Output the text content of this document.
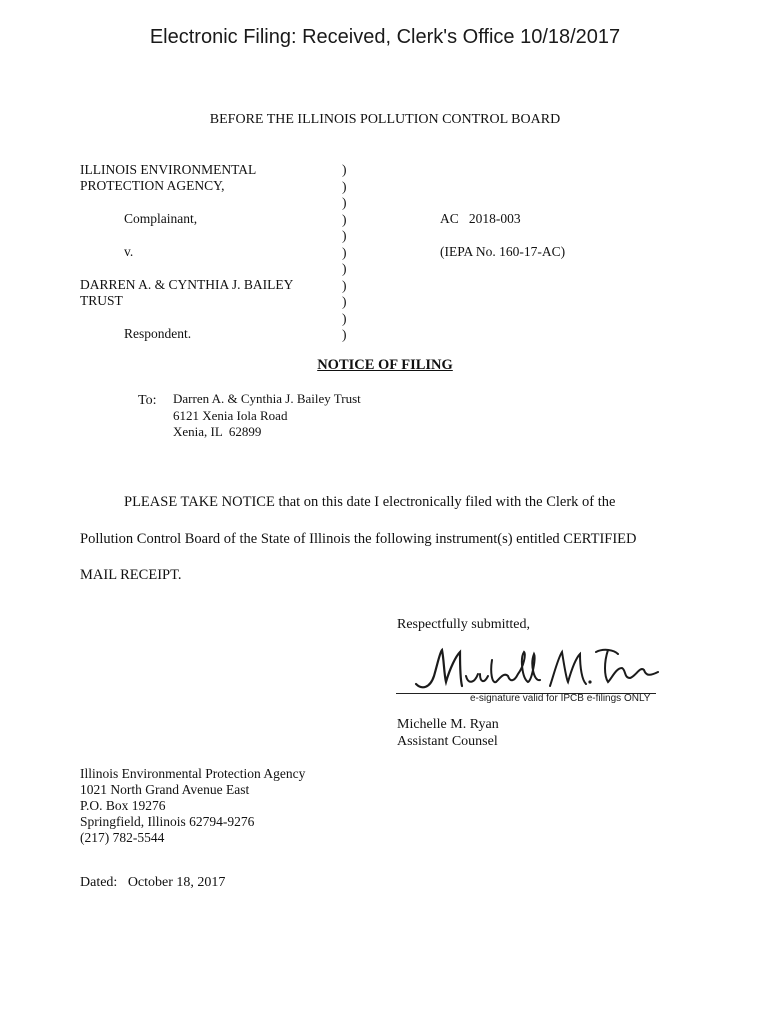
Electronic Filing: Received, Clerk's Office 10/18/2017
BEFORE THE ILLINOIS POLLUTION CONTROL BOARD
ILLINOIS ENVIRONMENTAL
PROTECTION AGENCY,
Complainant,
v.
DARREN A. & CYNTHIA J. BAILEY
TRUST
Respondent.
)
)
)
)
)
)
)
)
)
)
)
AC   2018-003
(IEPA No. 160-17-AC)
NOTICE OF FILING
To: Darren A. & Cynthia J. Bailey Trust
6121 Xenia Iola Road
Xenia, IL  62899
PLEASE TAKE NOTICE that on this date I electronically filed with the Clerk of the
Pollution Control Board of the State of Illinois the following instrument(s) entitled CERTIFIED
MAIL RECEIPT.
Respectfully submitted,
e-signature valid for IPCB e-filings ONLY
Michelle M. Ryan
Assistant Counsel
Illinois Environmental Protection Agency
1021 North Grand Avenue East
P.O. Box 19276
Springfield, Illinois 62794-9276
(217) 782-5544
Dated:   October 18, 2017
